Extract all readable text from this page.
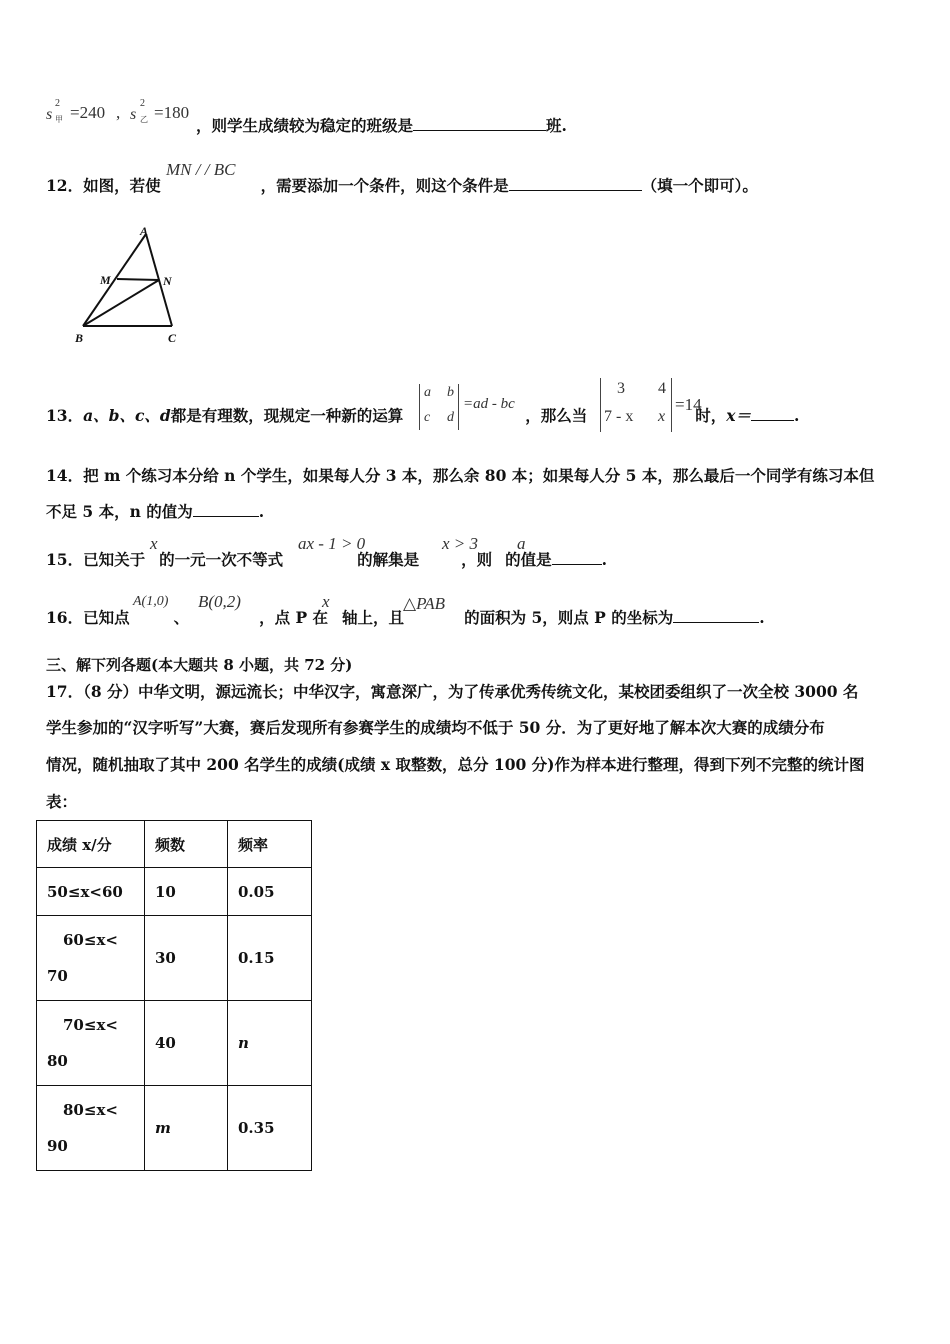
s
2
甲 =240 , s
2
乙 =180
，则学生成绩较为稳定的班级是	班.
12．如图，若使	，需要添加一个条件，则这个条件是	（填一个即可）。
MN / / BC
A
M	N
B	C
13．a、b、c、d都是有理数，现规定一种新的运算	，那么当	时，x＝	.
a b
c d
=ad - bc
3 4
7 - x x
=14
14．把 m 个练习本分给 n 个学生，如果每人分 3 本，那么余 80 本；如果每人分 5 本，那么最后一个同学有练习本但
不足 5 本，n 的值为	.
15．已知关于 的一元一次不等式	的解集是	，则 的值是	.
x	ax - 1 > 0	x > 3 a
16．已知点	、	，点 P 在 轴上，且	的面积为 5，则点 P 的坐标为	.
A(1,0) B(0,2)	x	△PAB
三、解下列各题(本大题共 8 小题，共 72 分)
17．（8 分）中华文明，源远流长；中华汉字，寓意深广，为了传承优秀传统文化，某校团委组织了一次全校 3000 名
学生参加的“汉字听写”大赛，赛后发现所有参赛学生的成绩均不低于 50 分．为了更好地了解本次大赛的成绩分布
情况，随机抽取了其中 200 名学生的成绩(成绩 x 取整数，总分 100 分)作为样本进行整理，得到下列不完整的统计图
表：
成绩 x/分	频数	频率
50≤x<60	10	0.05

60≤x<
70	30	0.15

70≤x<
80	40	n

80≤x<
90	m	0.35
